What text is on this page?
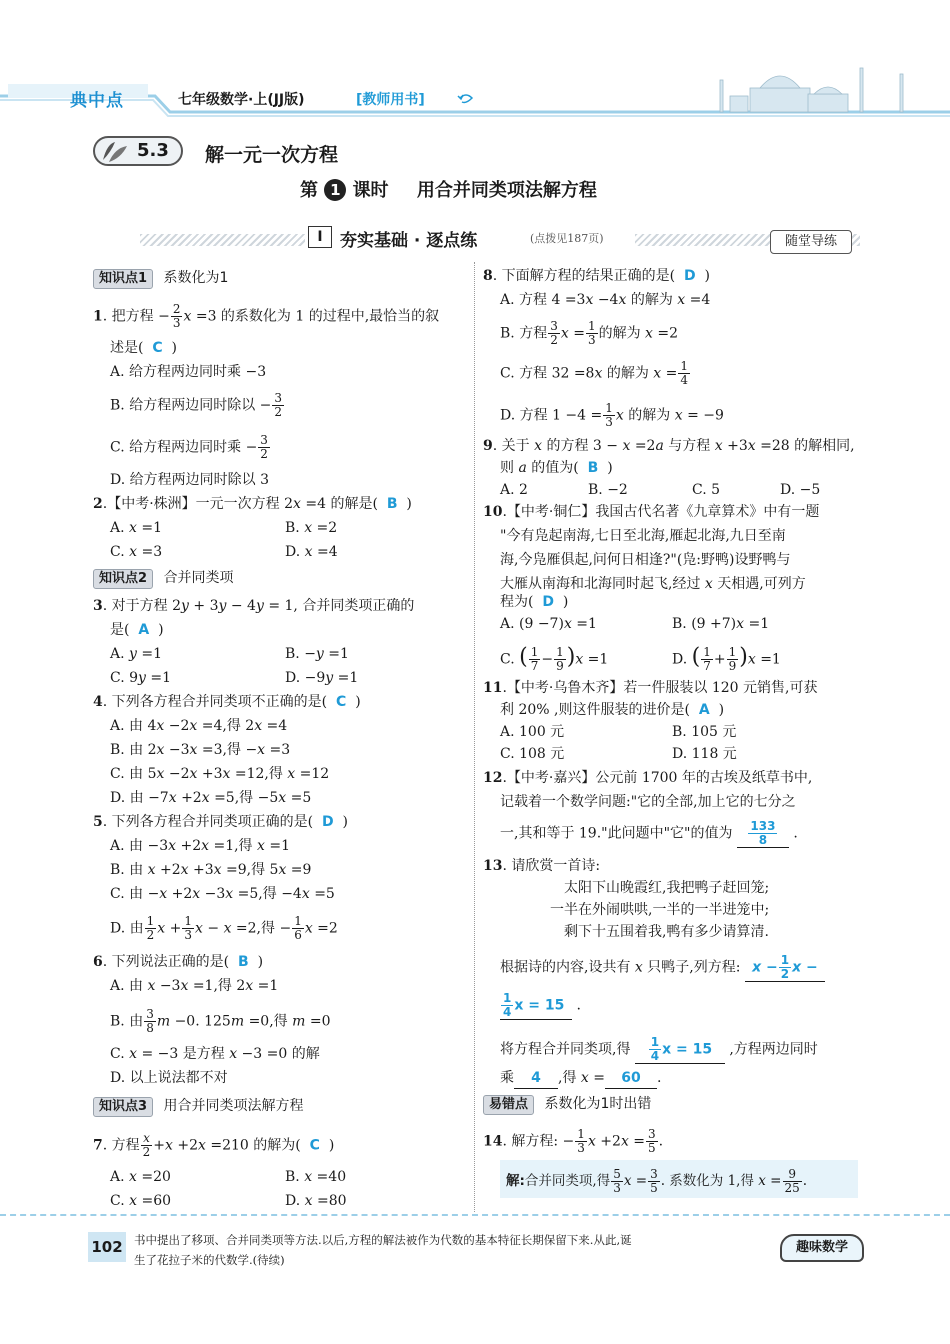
典中点	七年级数学·上(JJ版)	[教师用书]
5.3 解一元一次方程
第 1 课时 用合并同类项法解方程
I	夯实基础 · 逐点练	(点拨见187页)	随堂导练
知识点1 系数化为1
1. 把方程 − $\frac{2}{3}$ x =3 的系数化为 1 的过程中,最恰当的叙
述是(  C  )
A. 给方程两边同时乘 −3
B. 给方程两边同时除以 − $\frac{3}{2}$
C. 给方程两边同时乘 − $\frac{3}{2}$
D. 给方程两边同时除以 3
2.【中考·株洲】一元一次方程 2x =4 的解是(  B  )
A. x =1	B. x =2
C. x =3	D. x =4
知识点2 合并同类项
3. 对于方程 2y + 3y − 4y = 1, 合并同类项正确的
是(  A  )
A. y =1	B. −y =1
C. 9y =1	D. −9y =1
4. 下列各方程合并同类项不正确的是(  C  )
A. 由 4x −2x =4,得 2x =4
B. 由 2x −3x =3,得 −x =3
C. 由 5x −2x +3x =12,得 x =12
D. 由 −7x +2x =5,得 −5x =5
5. 下列各方程合并同类项正确的是(  D  )
A. 由 −3x +2x =1,得 x =1
B. 由 x +2x +3x =9,得 5x =9
C. 由 −x +2x −3x =5,得 −4x =5
D. 由 $\frac{1}{2}$ $x + \frac{1}{3}$ x − x =2,得 − $\frac{1}{6}$ x =2
6. 下列说法正确的是(  B  )
A. 由 x −3x =1,得 2x =1
B. 由 $\frac{3}{8}$ m −0. 125m =0,得 m =0
C. x = −3 是方程 x −3 =0 的解
D. 以上说法都不对
知识点3 用合并同类项法解方程
7. 方程 $\frac{x}{2} +x +2x =210$ 的解为(  C  )
A. x =20	B. x =40
C. x =60	D. x =80
8. 下面解方程的结果正确的是(  D  )
A. 方程 4 =3x −4x 的解为 x =4
B. 方程 $\frac{3}{2}$ $x = \frac{1}{3}$ 的解为 x =2
C. 方程 32 =8x 的解为 $x = \frac{1}{4}$
D. 方程 $1 -4 = \frac{1}{3}$ x 的解为 x = −9
9. 关于 x 的方程 3 − x =2a 与方程 x +3x =28 的解相同,
则 a 的值为(  B  )
A. 2	B. −2	C. 5	D. −5
10.【中考·铜仁】我国古代名著《九章算术》中有一题
"今有凫起南海,七日至北海,雁起北海,九日至南
海,今凫雁俱起,问何日相逢?"(凫:野鸭)设野鸭与
大雁从南海和北海同时起飞,经过 x 天相遇,可列方
程为(  D  )
A. (9 −7)x =1	B. (9 +7)x =1
C. ( $\frac{1}{7} - \frac{1}{9} )x =1$	D. ( $\frac{1}{7} + \frac{1}{9} )x =1$
11.【中考·乌鲁木齐】若一件服装以 120 元销售,可获
利 20% ,则这件服装的进价是(  A  )
A. 100 元	B. 105 元
C. 108 元	D. 118 元
12.【中考·嘉兴】公元前 1700 年的古埃及纸草书中,
记载着一个数学问题:"它的全部,加上它的七分之
一,其和等于 19."此问题中"它"的值为 $\frac{133}{8}$ .
13. 请欣赏一首诗:
太阳下山晚霞红,我把鸭子赶回笼;
一半在外闹哄哄,一半的一半进笼中;
剩下十五围着我,鸭有多少请算清.
根据诗的内容,设共有 x 只鸭子,列方程: $x - \frac{1}{2}$ x −
$\frac{1}{4}$ x = 15 .
将方程合并同类项,得 $\frac{1}{4}$ x = 15 ,方程两边同时
乘 4 ,得 x = 60 .
易错点 系数化为1时出错
14. 解方程: − $\frac{1}{3}$ $x +2x = \frac{3}{5}$ .
解:合并同类项,得 $\frac{5}{3}$ $x = \frac{3}{5}$ . 系数化为 1,得 $x = \frac{9}{25}$ .
102 书中提出了移项、合并同类项等方法.以后,方程的解法被作为代数的基本特征长期保留下来.从此,诞
生了花拉子米的代数学.(待续)
趣味数学
